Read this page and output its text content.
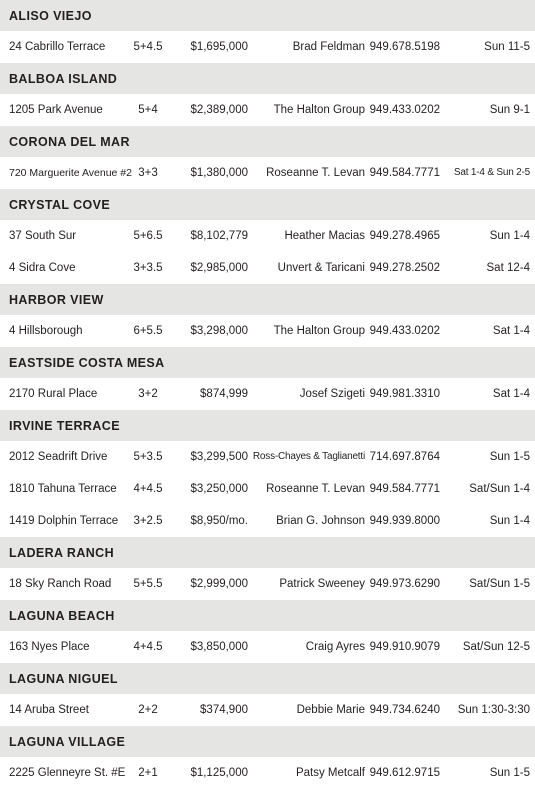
ALISO VIEJO
24 Cabrillo Terrace	5+4.5	$1,695,000	Brad Feldman 949.678.5198	Sun 11-5
BALBOA ISLAND
1205 Park Avenue	5+4	$2,389,000	The Halton Group 949.433.0202	Sun 9-1
CORONA DEL MAR
720 Marguerite Avenue #2 3+3	$1,380,000	Roseanne T. Levan 949.584.7771	Sat 1-4 & Sun 2-5
CRYSTAL COVE
37 South Sur	5+6.5	$8,102,779	Heather Macias 949.278.4965	Sun 1-4
4 Sidra Cove	3+3.5	$2,985,000	Unvert & Taricani 949.278.2502	Sat 12-4
HARBOR VIEW
4 Hillsborough	6+5.5	$3,298,000	The Halton Group 949.433.0202	Sat 1-4
EASTSIDE COSTA MESA
2170 Rural Place	3+2	$874,999	Josef Szigeti 949.981.3310	Sat 1-4
IRVINE TERRACE
2012 Seadrift Drive	5+3.5	$3,299,500 Ross-Chayes & Taglianetti 714.697.8764	Sun 1-5
1810 Tahuna Terrace	4+4.5	$3,250,000	Roseanne T. Levan 949.584.7771	Sat/Sun 1-4
1419 Dolphin Terrace	3+2.5	$8,950/mo.	Brian G. Johnson 949.939.8000	Sun 1-4
LADERA RANCH
18 Sky Ranch Road	5+5.5	$2,999,000	Patrick Sweeney 949.973.6290	Sat/Sun 1-5
LAGUNA BEACH
163 Nyes Place	4+4.5	$3,850,000	Craig Ayres 949.910.9079	Sat/Sun 12-5
LAGUNA NIGUEL
14 Aruba Street	2+2	$374,900	Debbie Marie 949.734.6240	Sun 1:30-3:30
LAGUNA VILLAGE
2225 Glenneyre St. #E	2+1	$1,125,000	Patsy Metcalf 949.612.9715	Sun 1-5
